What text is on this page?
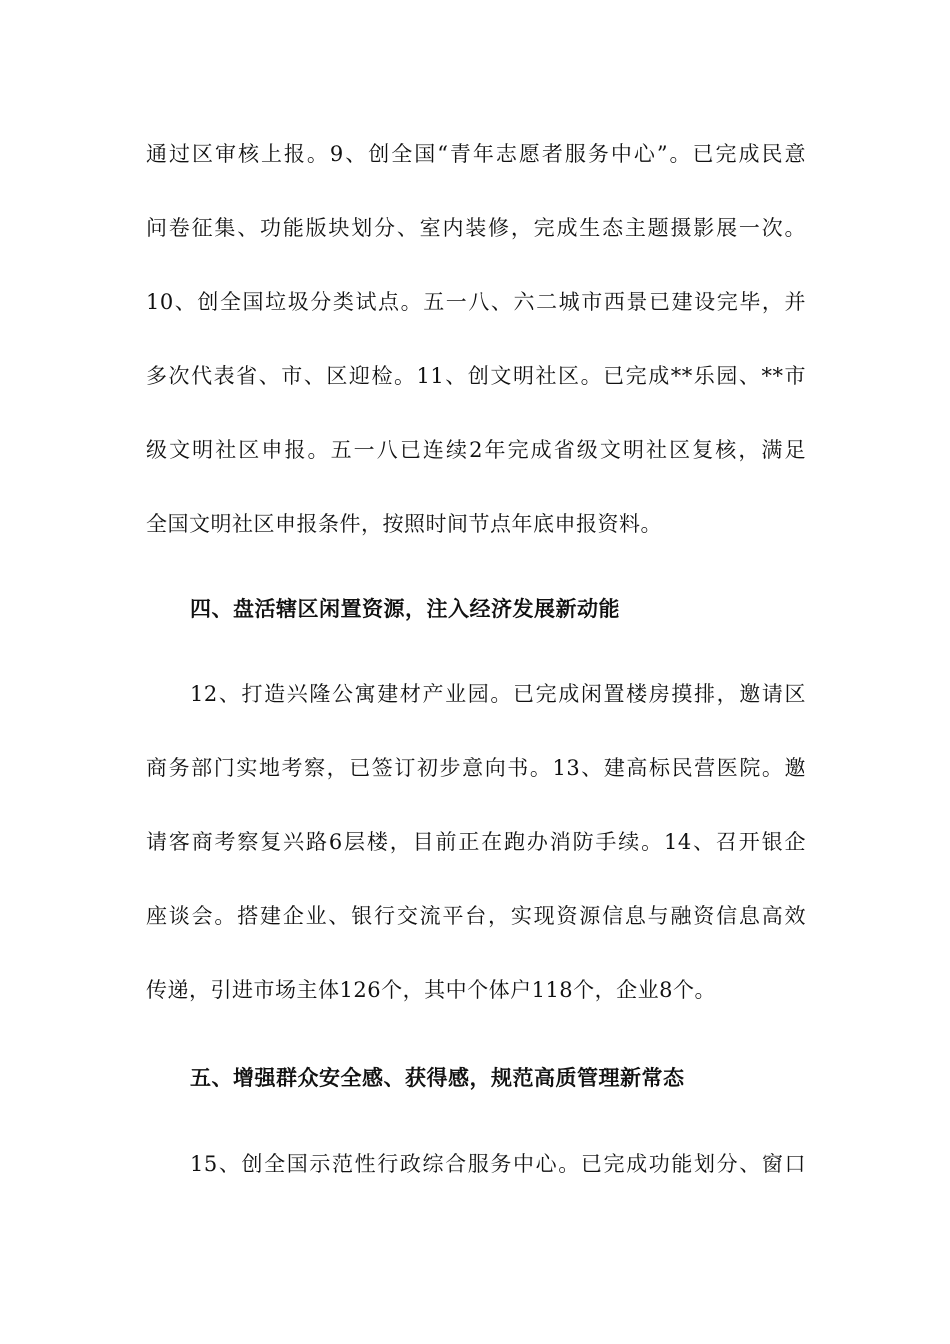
通过区审核上报。9、创全国“青年志愿者服务中心”。已完成民意
问卷征集、功能版块划分、室内装修，完成生态主题摄影展一次。
10、创全国垃圾分类试点。五一八、六二城市西景已建设完毕，并
多次代表省、市、区迎检。11、创文明社区。已完成**乐园、**市
级文明社区申报。五一八已连续2年完成省级文明社区复核，满足
全国文明社区申报条件，按照时间节点年底申报资料。
四、盘活辖区闲置资源，注入经济发展新动能
12、打造兴隆公寓建材产业园。已完成闲置楼房摸排，邀请区
商务部门实地考察，已签订初步意向书。13、建高标民营医院。邀
请客商考察复兴路6层楼，目前正在跑办消防手续。14、召开银企
座谈会。搭建企业、银行交流平台，实现资源信息与融资信息高效
传递，引进市场主体126个，其中个体户118个，企业8个。
五、增强群众安全感、获得感，规范高质管理新常态
15、创全国示范性行政综合服务中心。已完成功能划分、窗口
